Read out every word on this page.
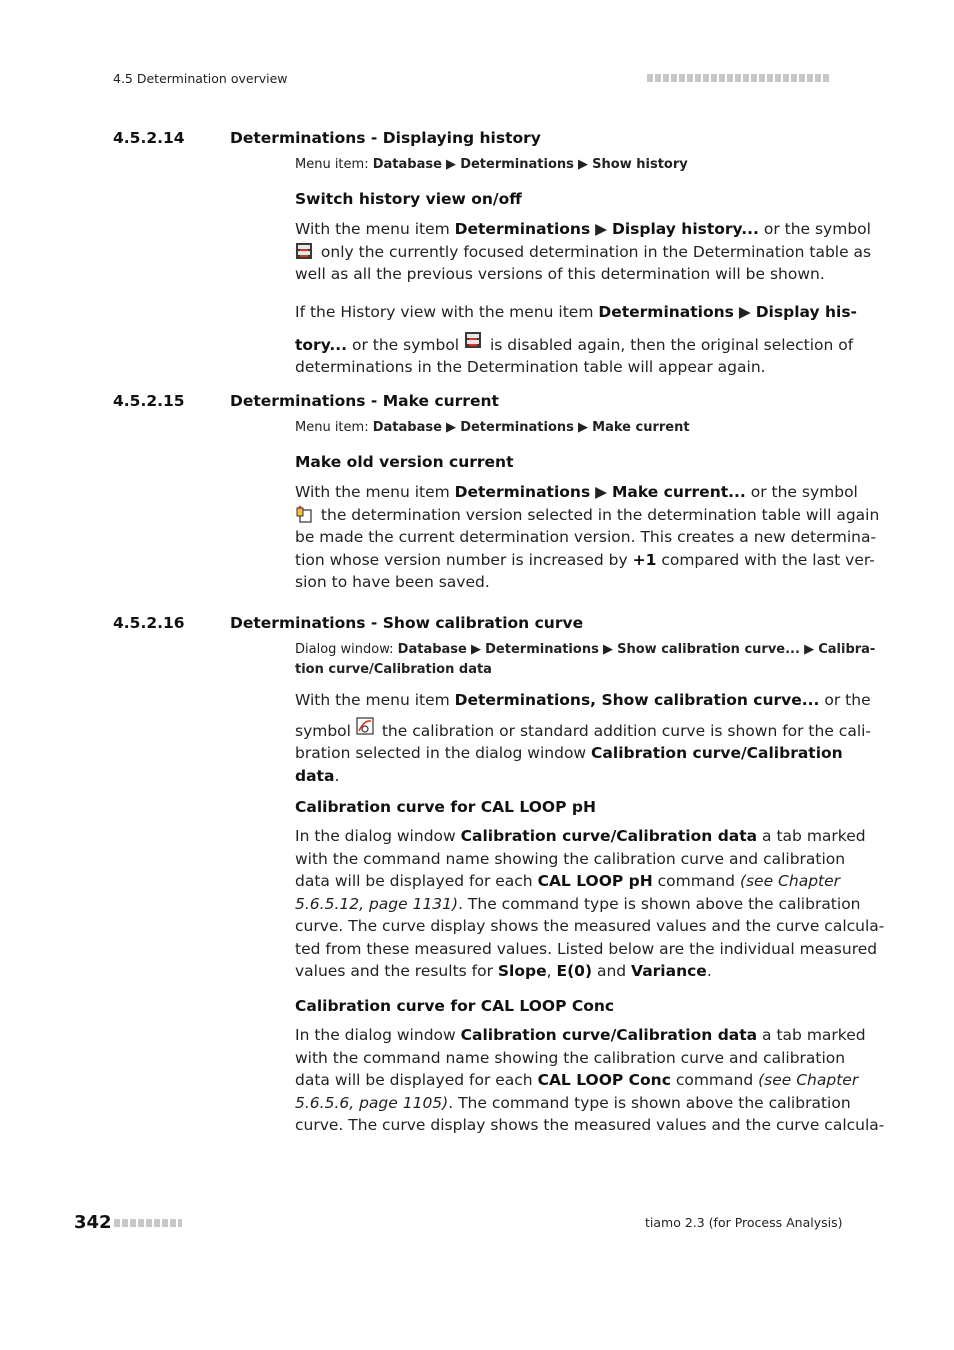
4.5 Determination overview
4.5.2.14	Determinations - Displaying history
Menu item: Database ▶ Determinations ▶ Show history
Switch history view on/off
With the menu item Determinations ▶ Display history... or the symbol
only the currently focused determination in the Determination table as
well as all the previous versions of this determination will be shown.
If the History view with the menu item Determinations ▶ Display his-
tory... or the symbol  is disabled again, then the original selection of
determinations in the Determination table will appear again.
4.5.2.15	Determinations - Make current
Menu item: Database ▶ Determinations ▶ Make current
Make old version current
With the menu item Determinations ▶ Make current... or the symbol
the determination version selected in the determination table will again
be made the current determination version. This creates a new determina-
tion whose version number is increased by +1 compared with the last ver-
sion to have been saved.
4.5.2.16	Determinations - Show calibration curve
Dialog window: Database ▶ Determinations ▶ Show calibration curve... ▶ Calibra-
tion curve/Calibration data
With the menu item Determinations, Show calibration curve... or the
symbol  the calibration or standard addition curve is shown for the cali-
bration selected in the dialog window Calibration curve/Calibration
data.
Calibration curve for CAL LOOP pH
In the dialog window Calibration curve/Calibration data a tab marked
with the command name showing the calibration curve and calibration
data will be displayed for each CAL LOOP pH command (see Chapter
5.6.5.12, page 1131). The command type is shown above the calibration
curve. The curve display shows the measured values and the curve calcula-
ted from these measured values. Listed below are the individual measured
values and the results for Slope, E(0) and Variance.
Calibration curve for CAL LOOP Conc
In the dialog window Calibration curve/Calibration data a tab marked
with the command name showing the calibration curve and calibration
data will be displayed for each CAL LOOP Conc command (see Chapter
5.6.5.6, page 1105). The command type is shown above the calibration
curve. The curve display shows the measured values and the curve calcula-
342	tiamo 2.3 (for Process Analysis)
